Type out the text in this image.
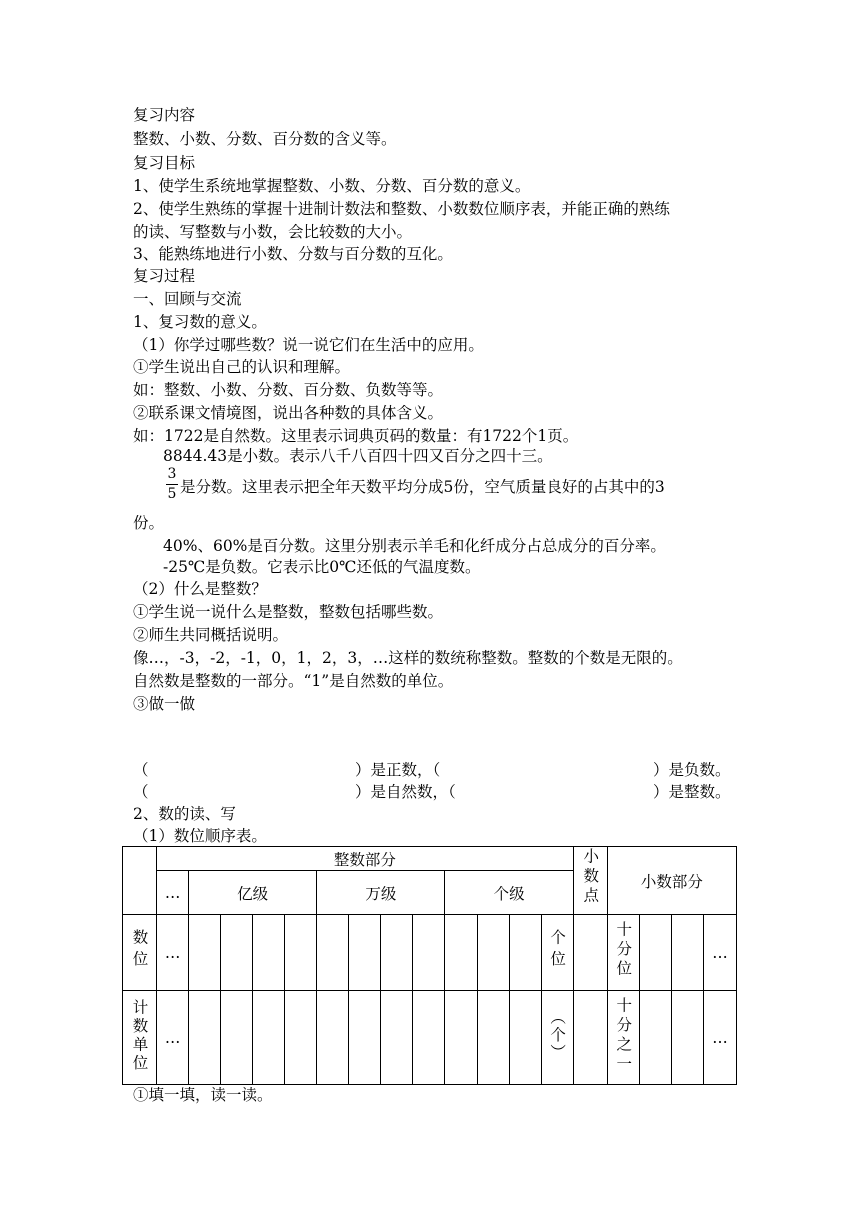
复习内容
整数、小数、分数、百分数的含义等。
复习目标
1、使学生系统地掌握整数、小数、分数、百分数的意义。
2、使学生熟练的掌握十进制计数法和整数、小数数位顺序表，并能正确的熟练
的读、写整数与小数，会比较数的大小。
3、能熟练地进行小数、分数与百分数的互化。
复习过程
一、回顾与交流
1、复习数的意义。
（1）你学过哪些数？说一说它们在生活中的应用。
①学生说出自己的认识和理解。
如：整数、小数、分数、百分数、负数等等。
②联系课文情境图，说出各种数的具体含义。
如：1722是自然数。这里表示词典页码的数量：有1722个1页。
8844.43是小数。表示八千八百四十四又百分之四十三。
3
5 是分数。这里表示把全年天数平均分成5份，空气质量良好的占其中的3
份。
40%、60%是百分数。这里分别表示羊毛和化纤成分占总成分的百分率。
-25℃是负数。它表示比0℃还低的气温度数。
（2）什么是整数？
①学生说一说什么是整数，整数包括哪些数。
②师生共同概括说明。
像…，-3，-2，-1，0，1，2，3，…这样的数统称整数。整数的个数是无限的。
自然数是整数的一部分。“1”是自然数的单位。
③做一做
（	）是正数，（	）是负数。
（	）是自然数，（	）是整数。
2、数的读、写
（1）数位顺序表。
	整数部分													小数点	小数部分			
	…	亿级				万级				个级								
数位	…												个位		十分位			…
计数单位	…												（个）		十分之一			…
①填一填，读一读。
